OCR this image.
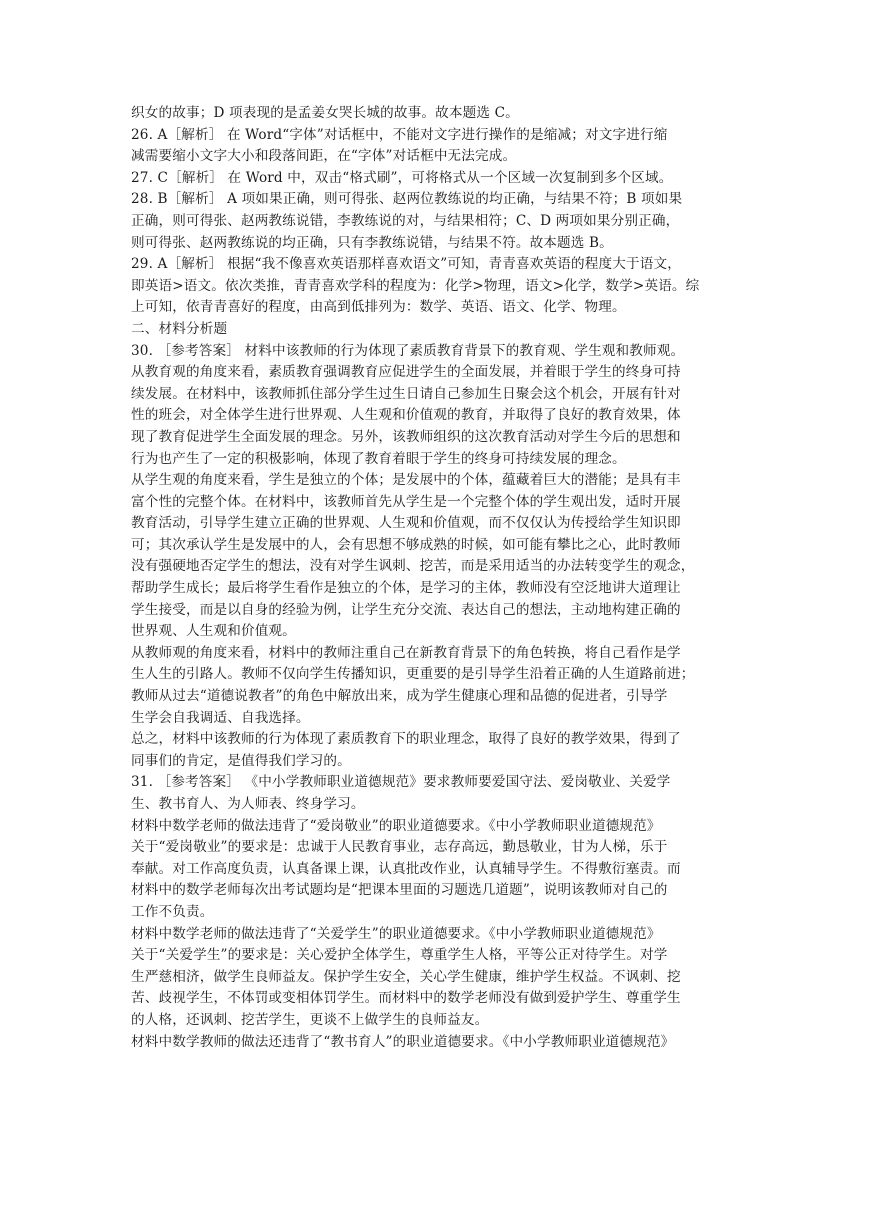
织女的故事；D 项表现的是孟姜女哭长城的故事。故本题选 C。
26. A［解析］ 在 Word“字体”对话框中，不能对文字进行操作的是缩减；对文字进行缩
减需要缩小文字大小和段落间距，在“字体”对话框中无法完成。
27. C［解析］ 在 Word 中，双击“格式刷”，可将格式从一个区域一次复制到多个区域。
28. B［解析］ A 项如果正确，则可得张、赵两位教练说的均正确，与结果不符；B 项如果
正确，则可得张、赵两教练说错，李教练说的对，与结果相符；C、D 两项如果分别正确，
则可得张、赵两教练说的均正确，只有李教练说错，与结果不符。故本题选 B。
29. A［解析］ 根据“我不像喜欢英语那样喜欢语文”可知，青青喜欢英语的程度大于语文，
即英语>语文。依次类推，青青喜欢学科的程度为：化学>物理，语文>化学，数学>英语。综
上可知，依青青喜好的程度，由高到低排列为：数学、英语、语文、化学、物理。
二、材料分析题
30. ［参考答案］ 材料中该教师的行为体现了素质教育背景下的教育观、学生观和教师观。
从教育观的角度来看，素质教育强调教育应促进学生的全面发展，并着眼于学生的终身可持
续发展。在材料中，该教师抓住部分学生过生日请自己参加生日聚会这个机会，开展有针对
性的班会，对全体学生进行世界观、人生观和价值观的教育，并取得了良好的教育效果，体
现了教育促进学生全面发展的理念。另外，该教师组织的这次教育活动对学生今后的思想和
行为也产生了一定的积极影响，体现了教育着眼于学生的终身可持续发展的理念。
从学生观的角度来看，学生是独立的个体；是发展中的个体，蕴藏着巨大的潜能；是具有丰
富个性的完整个体。在材料中，该教师首先从学生是一个完整个体的学生观出发，适时开展
教育活动，引导学生建立正确的世界观、人生观和价值观，而不仅仅认为传授给学生知识即
可；其次承认学生是发展中的人，会有思想不够成熟的时候，如可能有攀比之心，此时教师
没有强硬地否定学生的想法，没有对学生讽刺、挖苦，而是采用适当的办法转变学生的观念，
帮助学生成长；最后将学生看作是独立的个体，是学习的主体，教师没有空泛地讲大道理让
学生接受，而是以自身的经验为例，让学生充分交流、表达自己的想法，主动地构建正确的
世界观、人生观和价值观。
从教师观的角度来看，材料中的教师注重自己在新教育背景下的角色转换，将自己看作是学
生人生的引路人。教师不仅向学生传播知识，更重要的是引导学生沿着正确的人生道路前进；
教师从过去“道德说教者”的角色中解放出来，成为学生健康心理和品德的促进者，引导学
生学会自我调适、自我选择。
总之，材料中该教师的行为体现了素质教育下的职业理念，取得了良好的教学效果，得到了
同事们的肯定，是值得我们学习的。
31. ［参考答案］ 《中小学教师职业道德规范》要求教师要爱国守法、爱岗敬业、关爱学
生、教书育人、为人师表、终身学习。
材料中数学老师的做法违背了“爱岗敬业”的职业道德要求。《中小学教师职业道德规范》
关于“爱岗敬业”的要求是：忠诚于人民教育事业，志存高远，勤恳敬业，甘为人梯，乐于
奉献。对工作高度负责，认真备课上课，认真批改作业，认真辅导学生。不得敷衍塞责。而
材料中的数学老师每次出考试题均是“把课本里面的习题选几道题”，说明该教师对自己的
工作不负责。
材料中数学老师的做法违背了“关爱学生”的职业道德要求。《中小学教师职业道德规范》
关于“关爱学生”的要求是：关心爱护全体学生，尊重学生人格，平等公正对待学生。对学
生严慈相济，做学生良师益友。保护学生安全，关心学生健康，维护学生权益。不讽刺、挖
苦、歧视学生，不体罚或变相体罚学生。而材料中的数学老师没有做到爱护学生、尊重学生
的人格，还讽刺、挖苦学生，更谈不上做学生的良师益友。
材料中数学教师的做法还违背了“教书育人”的职业道德要求。《中小学教师职业道德规范》
